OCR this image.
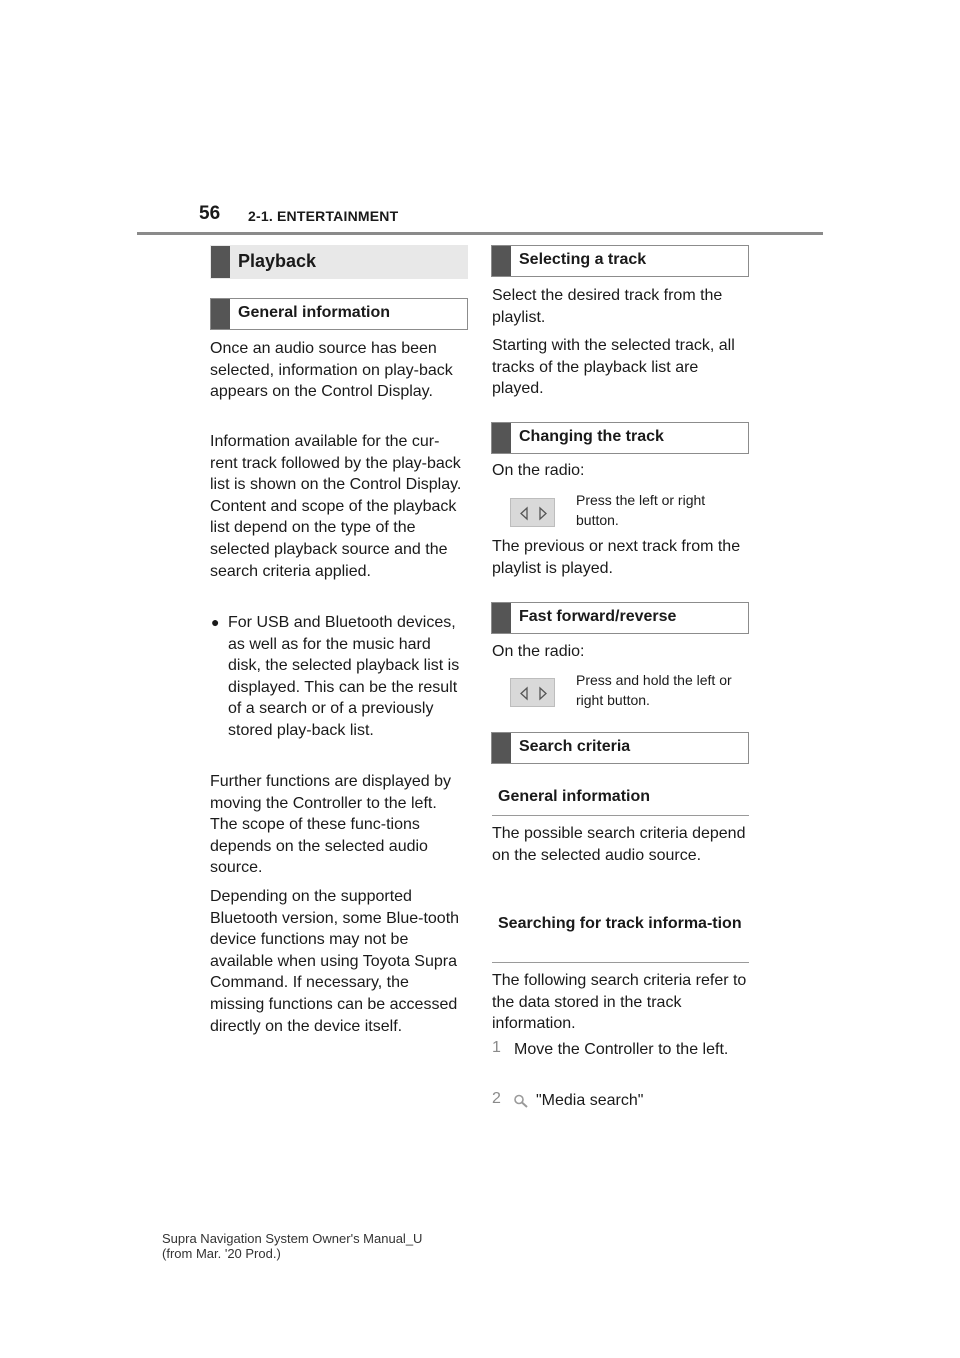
56 2-1. ENTERTAINMENT
Playback
General information

Once an audio source has been selected, information on play-back appears on the Control Display.

Information available for the cur-rent track followed by the play-back list is shown on the Control Display. Content and scope of the playback list depend on the type of the selected playback source and the search criteria applied.

● For USB and Bluetooth devices, as well as for the music hard disk, the selected playback list is displayed. This can be the result of a search or of a previously stored play-back list.

Further functions are displayed by moving the Controller to the left. The scope of these func-tions depends on the selected audio source.

Depending on the supported Bluetooth version, some Blue-tooth device functions may not be available when using Toyota Supra Command. If necessary, the missing functions can be accessed directly on the device itself.

Selecting a track

Select the desired track from the playlist.

Starting with the selected track, all tracks of the playback list are played.

Changing the track

On the radio:

Press the left or right button.

The previous or next track from the playlist is played.

Fast forward/reverse

On the radio:

Press and hold the left or right button.
Search criteria
General information

The possible search criteria depend on the selected audio source.

Searching for track informa-tion

The following search criteria refer to the data stored in the track information.

1 Move the Controller to the left.

2 "Media search"

Supra Navigation System Owner's Manual_U
(from Mar. '20 Prod.)
